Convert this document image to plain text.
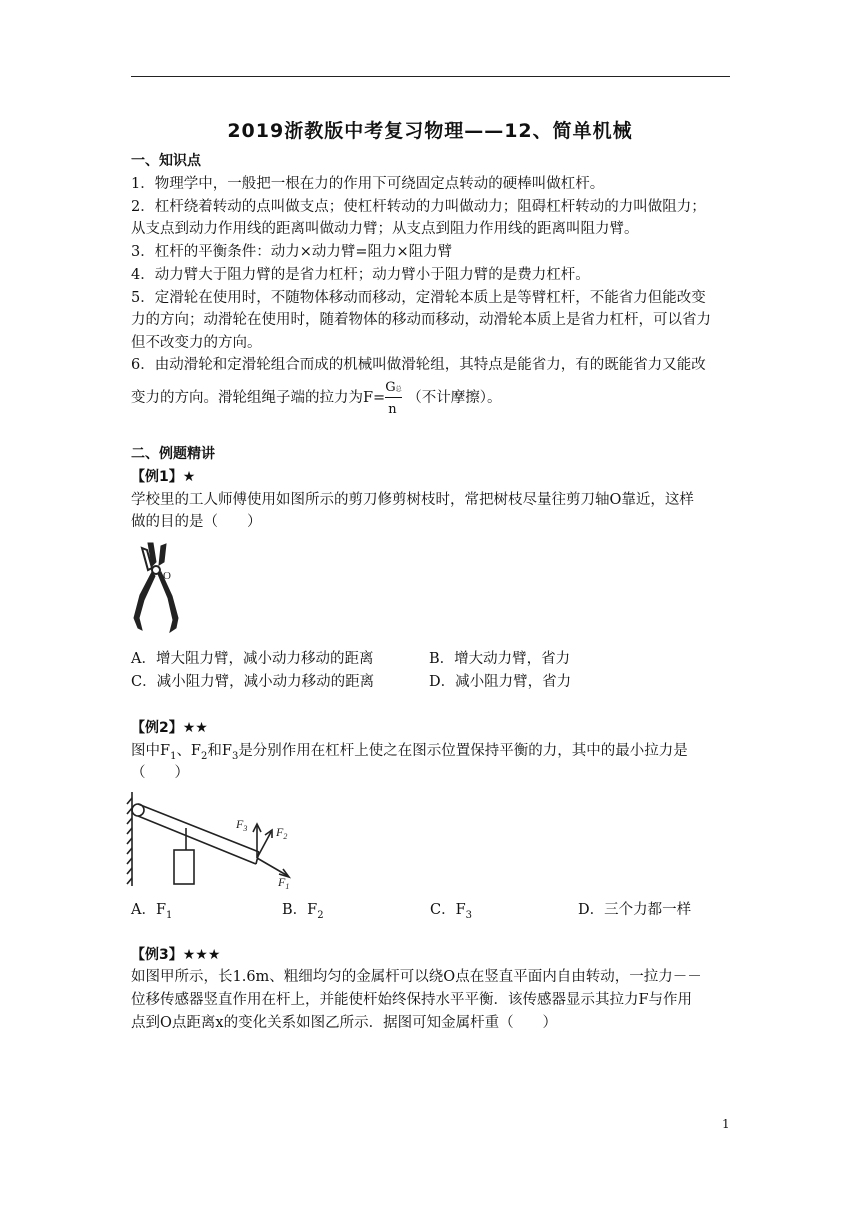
2019浙教版中考复习物理——12、简单机械
一、知识点
1．物理学中，一般把一根在力的作用下可绕固定点转动的硬棒叫做杠杆。
2．杠杆绕着转动的点叫做支点；使杠杆转动的力叫做动力；阻碍杠杆转动的力叫做阻力；
从支点到动力作用线的距离叫做动力臂；从支点到阻力作用线的距离叫阻力臂。
3．杠杆的平衡条件：动力×动力臂=阻力×阻力臂
4．动力臂大于阻力臂的是省力杠杆；动力臂小于阻力臂的是费力杠杆。
5．定滑轮在使用时，不随物体移动而移动，定滑轮本质上是等臂杠杆，不能省力但能改变
力的方向；动滑轮在使用时，随着物体的移动而移动，动滑轮本质上是省力杠杆，可以省力
但不改变力的方向。
6．由动滑轮和定滑轮组合而成的机械叫做滑轮组，其特点是能省力，有的既能省力又能改
变力的方向。滑轮组绳子端的拉力为$F= \frac{\text{G总}}{n}$ （不计摩擦）。
二、例题精讲
【例1】★
学校里的工人师傅使用如图所示的剪刀修剪树枝时，常把树枝尽量往剪刀轴O靠近，这样
做的目的是（　　）
O
A．增大阻力臂，减小动力移动的距离	B．增大动力臂，省力
C．减小阻力臂，减小动力移动的距离	D．减小阻力臂，省力
【例2】★★
图中$F_1$、$F_2$和$F_3$是分别作用在杠杆上使之在图示位置保持平衡的力，其中的最小拉力是
（　　）
$F_3$ $F_2$
$F_1$
A．$F_1$	B．$F_2$	C．$F_3$	D．三个力都一样
【例3】★★★
如图甲所示，长1.6m、粗细均匀的金属杆可以绕O点在竖直平面内自由转动，一拉力－－
位移传感器竖直作用在杆上，并能使杆始终保持水平平衡．该传感器显示其拉力F与作用
点到O点距离x的变化关系如图乙所示．据图可知金属杆重（　　）
1
